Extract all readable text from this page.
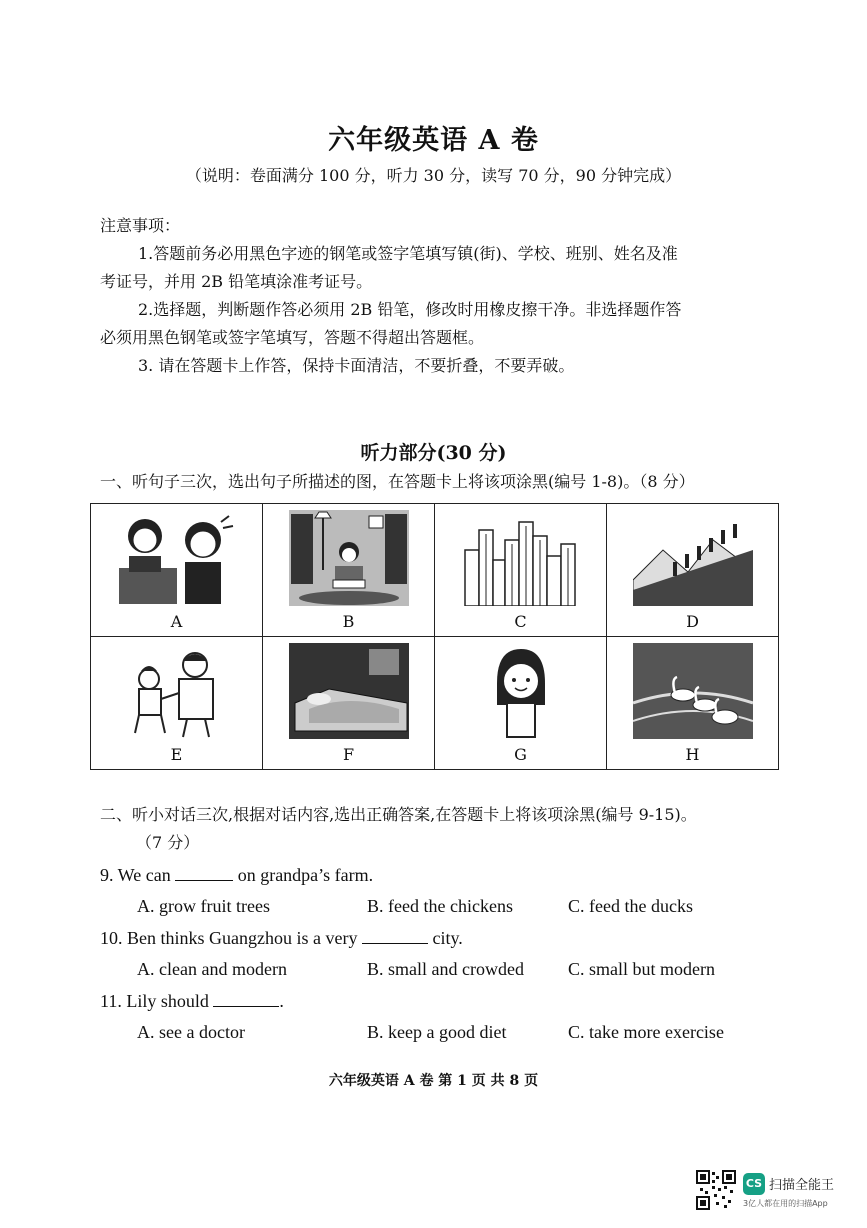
六年级英语 A 卷
（说明：卷面满分 100 分，听力 30 分，读写 70 分，90 分钟完成）

注意事项：

1.答题前务必用黑色字迹的钢笔或签字笔填写镇(街)、学校、班别、姓名及准

考证号，并用 2B 铅笔填涂准考证号。

2.选择题，判断题作答必须用 2B 铅笔，修改时用橡皮擦干净。非选择题作答

必须用黑色钢笔或签字笔填写，答题不得超出答题框。

3. 请在答题卡上作答，保持卡面清洁，不要折叠，不要弄破。

听力部分(30 分)
一、听句子三次，选出句子所描述的图，在答题卡上将该项涂黑(编号 1-8)。（8 分）
A	B	C	D

E	F	G	H

二、听小对话三次,根据对话内容,选出正确答案,在答题卡上将该项涂黑(编号 9-15)。

（7 分）

9. We can	on grandpa’s farm.
A. grow fruit trees	B. feed the chickens	C. feed the ducks
10. Ben thinks Guangzhou is a very	city.
A. clean and modern	B. small and crowded C. small but modern
11. Lily should	.
A. see a doctor	B. keep a good diet	C. take more exercise
六年级英语 A 卷 第 1 页 共 8 页
CS 扫描全能王
3亿人都在用的扫描App
